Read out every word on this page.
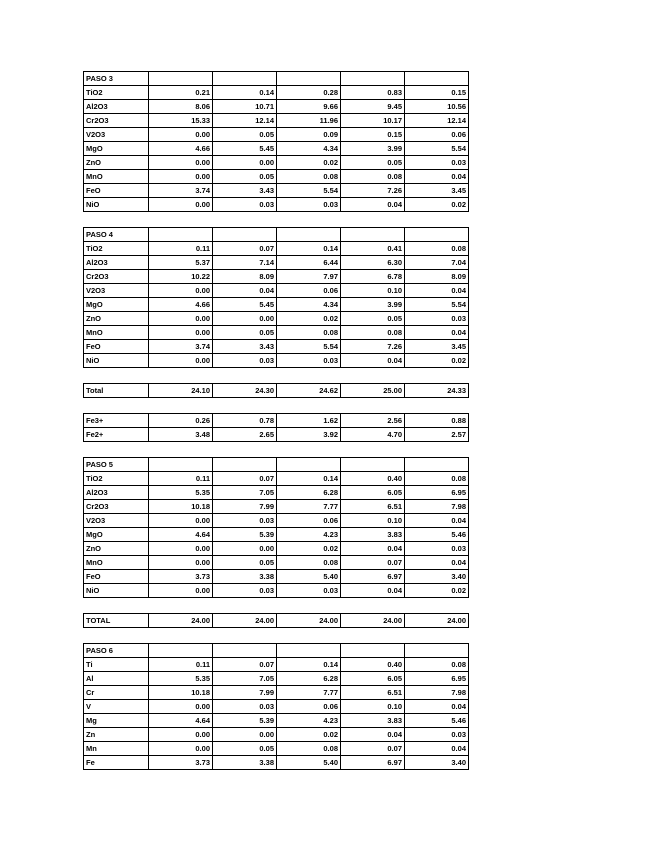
PASO 3					
TiO2	0.21	0.14	0.28	0.83	0.15
Al2O3	8.06	10.71	9.66	9.45	10.56
Cr2O3	15.33	12.14	11.96	10.17	12.14
V2O3	0.00	0.05	0.09	0.15	0.06
MgO	4.66	5.45	4.34	3.99	5.54
ZnO	0.00	0.00	0.02	0.05	0.03
MnO	0.00	0.05	0.08	0.08	0.04
FeO	3.74	3.43	5.54	7.26	3.45
NiO	0.00	0.03	0.03	0.04	0.02
PASO 4					
TiO2	0.11	0.07	0.14	0.41	0.08
Al2O3	5.37	7.14	6.44	6.30	7.04
Cr2O3	10.22	8.09	7.97	6.78	8.09
V2O3	0.00	0.04	0.06	0.10	0.04
MgO	4.66	5.45	4.34	3.99	5.54
ZnO	0.00	0.00	0.02	0.05	0.03
MnO	0.00	0.05	0.08	0.08	0.04
FeO	3.74	3.43	5.54	7.26	3.45
NiO	0.00	0.03	0.03	0.04	0.02
Total	24.10	24.30	24.62	25.00	24.33
Fe3+	0.26	0.78	1.62	2.56	0.88
Fe2+	3.48	2.65	3.92	4.70	2.57
PASO 5					
TiO2	0.11	0.07	0.14	0.40	0.08
Al2O3	5.35	7.05	6.28	6.05	6.95
Cr2O3	10.18	7.99	7.77	6.51	7.98
V2O3	0.00	0.03	0.06	0.10	0.04
MgO	4.64	5.39	4.23	3.83	5.46
ZnO	0.00	0.00	0.02	0.04	0.03
MnO	0.00	0.05	0.08	0.07	0.04
FeO	3.73	3.38	5.40	6.97	3.40
NiO	0.00	0.03	0.03	0.04	0.02
TOTAL	24.00	24.00	24.00	24.00	24.00
PASO 6					
Ti	0.11	0.07	0.14	0.40	0.08
Al	5.35	7.05	6.28	6.05	6.95
Cr	10.18	7.99	7.77	6.51	7.98
V	0.00	0.03	0.06	0.10	0.04
Mg	4.64	5.39	4.23	3.83	5.46
Zn	0.00	0.00	0.02	0.04	0.03
Mn	0.00	0.05	0.08	0.07	0.04
Fe	3.73	3.38	5.40	6.97	3.40
